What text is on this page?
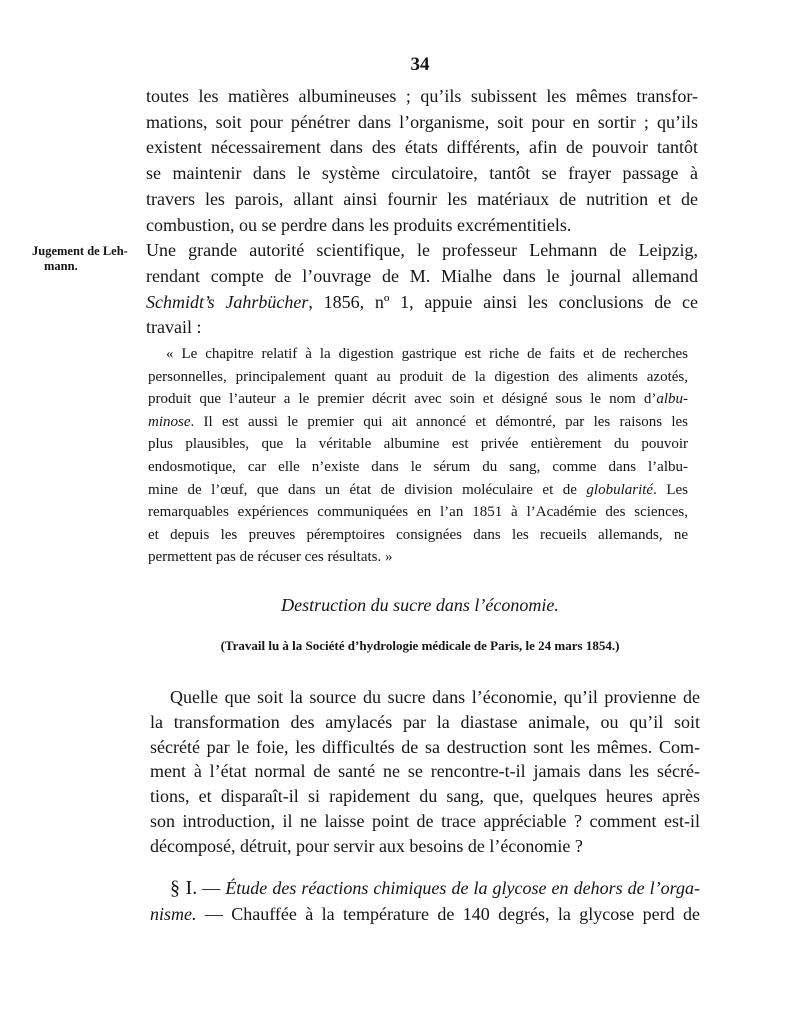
34
toutes les matières albumineuses ; qu’ils subissent les mêmes transfor-
mations, soit pour pénétrer dans l’organisme, soit pour en sortir ; qu’ils
existent nécessairement dans des états différents, afin de pouvoir tantôt
se maintenir dans le système circulatoire, tantôt se frayer passage à
travers les parois, allant ainsi fournir les matériaux de nutrition et de
combustion, ou se perdre dans les produits excrémentitiels.
Une grande autorité scientifique, le professeur Lehmann de Leipzig,
rendant compte de l’ouvrage de M. Mialhe dans le journal allemand
Schmidt’s Jahrbücher, 1856, nº 1, appuie ainsi les conclusions de ce
travail :
Jugement de Leh-
mann.
« Le chapitre relatif à la digestion gastrique est riche de faits et de recherches
personnelles, principalement quant au produit de la digestion des aliments azotés,
produit que l’auteur a le premier décrit avec soin et désigné sous le nom d’albu-
minose. Il est aussi le premier qui ait annoncé et démontré, par les raisons les
plus plausibles, que la véritable albumine est privée entièrement du pouvoir
endosmotique, car elle n’existe dans le sérum du sang, comme dans l’albu-
mine de l’œuf, que dans un état de division moléculaire et de globularité. Les
remarquables expériences communiquées en l’an 1851 à l’Académie des sciences,
et depuis les preuves péremptoires consignées dans les recueils allemands, ne
permettent pas de récuser ces résultats. »
Destruction du sucre dans l’économie.
(Travail lu à la Société d’hydrologie médicale de Paris, le 24 mars 1854.)
Quelle que soit la source du sucre dans l’économie, qu’il provienne de
la transformation des amylacés par la diastase animale, ou qu’il soit
sécrété par le foie, les difficultés de sa destruction sont les mêmes. Com-
ment à l’état normal de santé ne se rencontre-t-il jamais dans les sécré-
tions, et disparaît-il si rapidement du sang, que, quelques heures après
son introduction, il ne laisse point de trace appréciable ? comment est-il
décomposé, détruit, pour servir aux besoins de l’économie ?
§ I. — Étude des réactions chimiques de la glycose en dehors de l’orga-
nisme. — Chauffée à la température de 140 degrés, la glycose perd de
